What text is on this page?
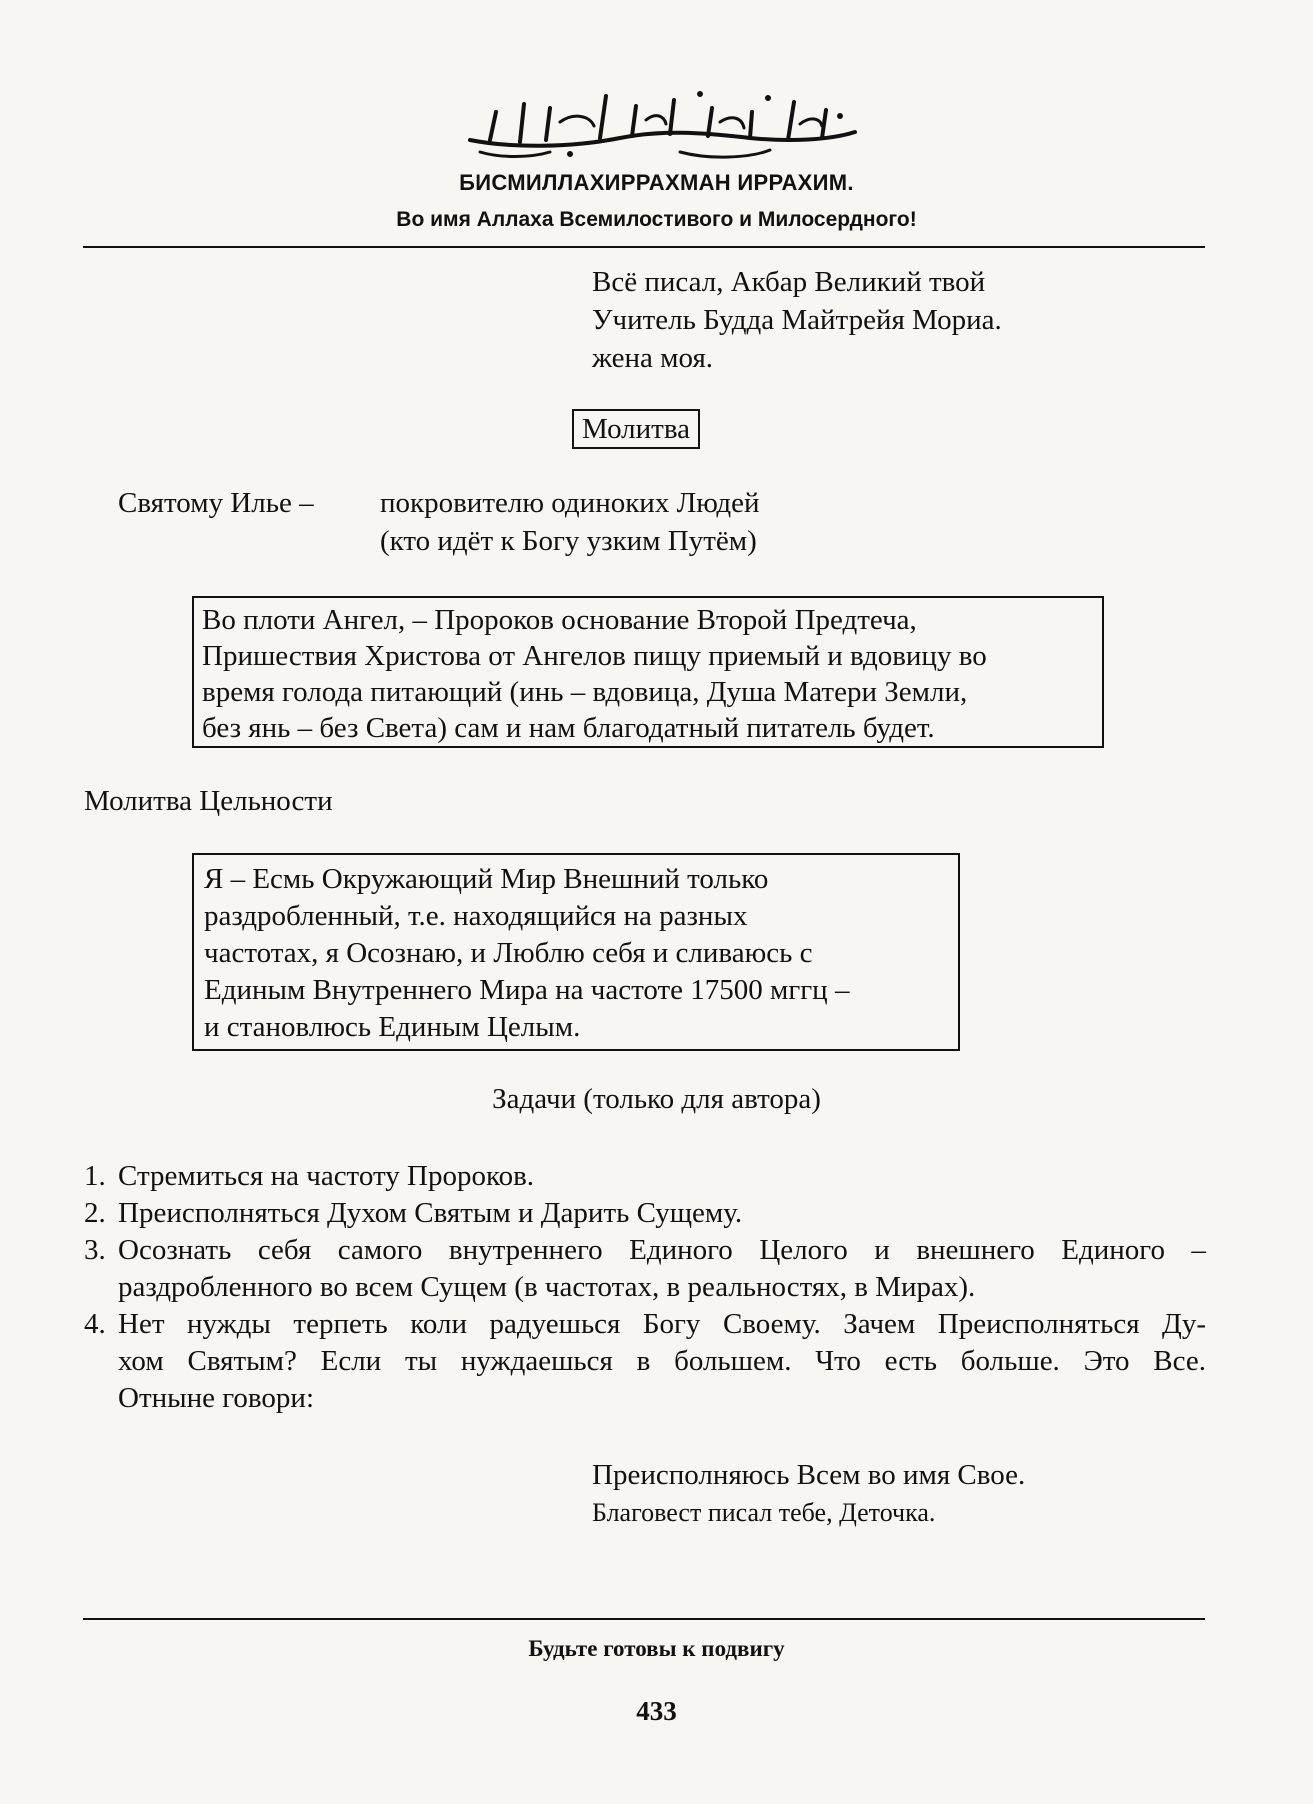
БИСМИЛЛАХИРРАХМАН ИРРАХИМ.
Во имя Аллаха Всемилостивого и Милосердного!
Всё писал, Акбар Великий твой
Учитель Будда Майтрейя Мориа.
жена моя.
Молитва
Святому Илье – покровителю одиноких Людей
(кто идёт к Богу узким Путём)
Во плоти Ангел, – Пророков основание Второй Предтеча,
Пришествия Христова от Ангелов пищу приемый и вдовицу во
время голода питающий (инь – вдовица, Душа Матери Земли,
без янь – без Света) сам и нам благодатный питатель будет.
Молитва Цельности
Я – Есмь Окружающий Мир Внешний только
раздробленный, т.е. находящийся на разных
частотах, я Осознаю, и Люблю себя и сливаюсь с
Единым Внутреннего Мира на частоте 17500 мггц –
и становлюсь Единым Целым.
Задачи (только для автора)
1. Стремиться на частоту Пророков.
2. Преисполняться Духом Святым и Дарить Сущему.
3. Осознать себя самого внутреннего Единого Целого и внешнего Единого –
раздробленного во всем Сущем (в частотах, в реальностях, в Мирах).
4. Нет нужды терпеть коли радуешься Богу Своему. Зачем Преисполняться Ду-
хом Святым? Если ты нуждаешься в большем. Что есть больше. Это Все.
Отныне говори:
Преисполняюсь Всем во имя Свое.
Благовест писал тебе, Деточка.
Будьте готовы к подвигу
433
